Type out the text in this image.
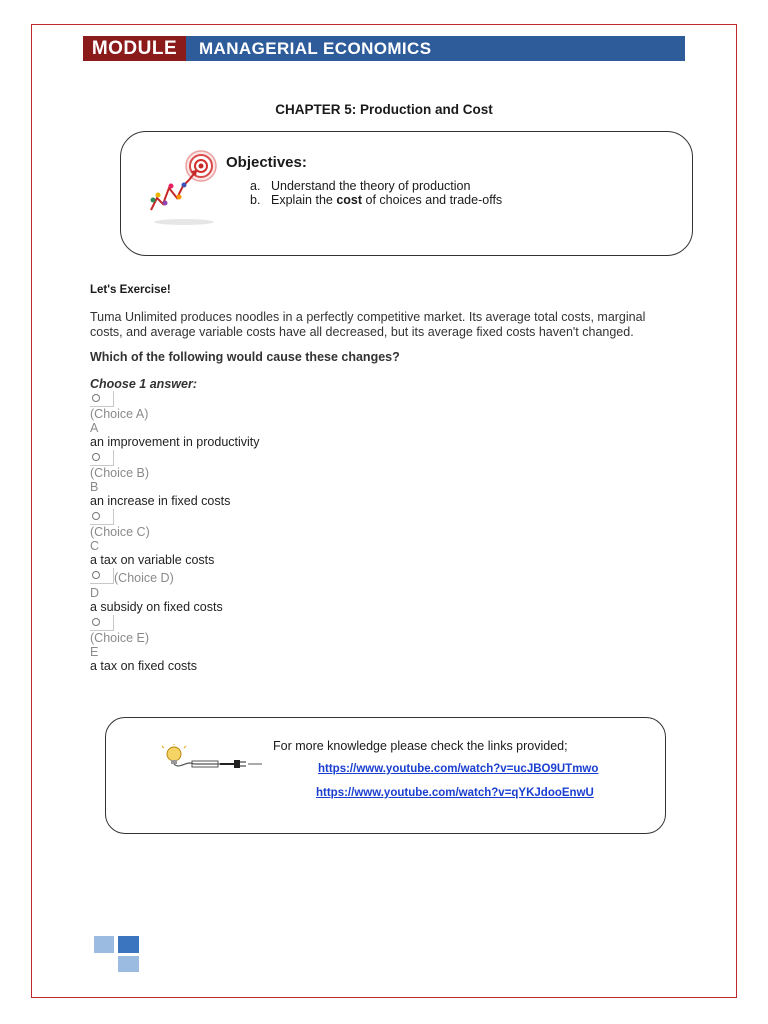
MODULE	MANAGERIAL ECONOMICS
CHAPTER 5: Production and Cost
Objectives:
a. Understand the theory of production
b. Explain the cost of choices and trade-offs
Let's Exercise!
Tuma Unlimited produces noodles in a perfectly competitive market. Its average total costs, marginal costs, and average variable costs have all decreased, but its average fixed costs haven't changed.
Which of the following would cause these changes?
Choose 1 answer:
(Choice A)
A
an improvement in productivity
(Choice B)
B
an increase in fixed costs
(Choice C)
C
a tax on variable costs
(Choice D)
D
a subsidy on fixed costs
(Choice E)
E
a tax on fixed costs
For more knowledge please check the links provided;
https://www.youtube.com/watch?v=ucJBO9UTmwo
https://www.youtube.com/watch?v=qYKJdooEnwU
